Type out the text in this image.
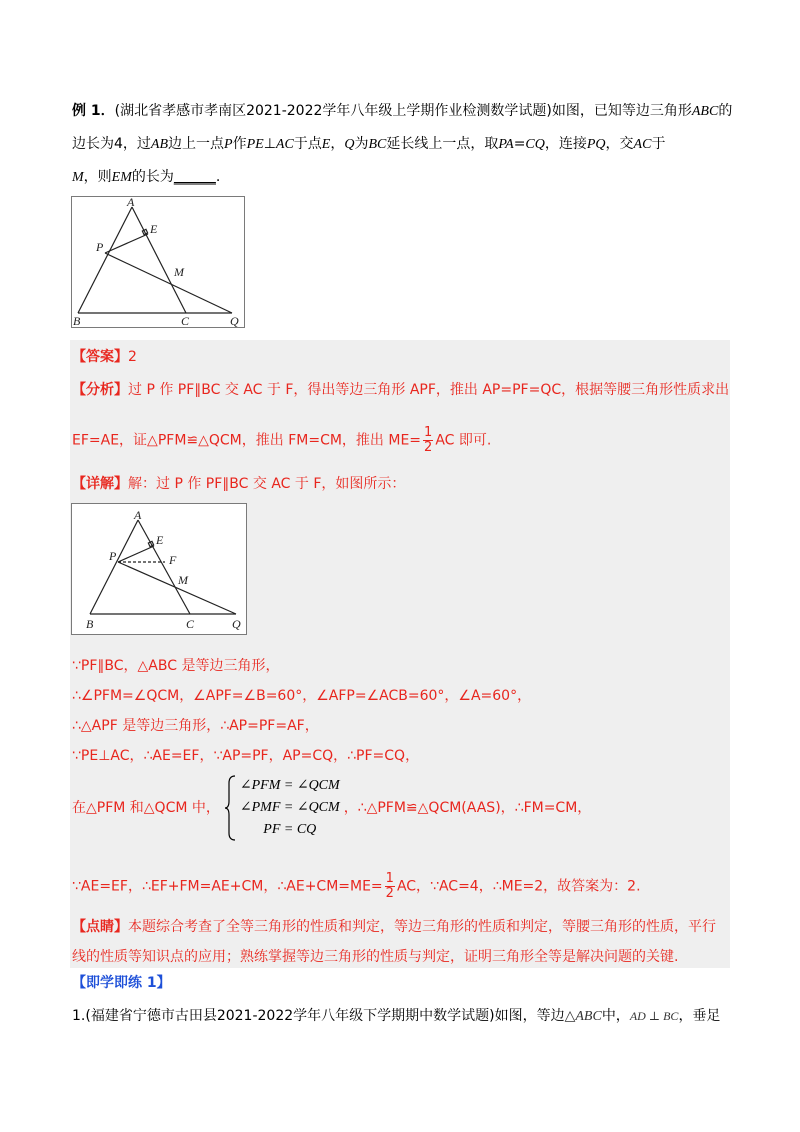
例 1．(湖北省孝感市孝南区2021-2022学年八年级上学期作业检测数学试题)如图，已知等边三角形ABC的
边长为4，过AB边上一点P作PE⊥AC于点E，Q为BC延长线上一点，取PA=CQ，连接PQ，交AC于
M，则EM的长为______.
A
E
P
M
B	C	Q
【答案】2
【分析】过 P 作 PF∥BC 交 AC 于 F，得出等边三角形 APF，推出 AP=PF=QC，根据等腰三角形性质求出
EF=AE，证△PFM≌△QCM，推出 FM=CM，推出 $ME= \frac{1}{2}$ AC 即可.
【详解】解：过 P 作 PF∥BC 交 AC 于 F，如图所示：
A
E
P	F
M
B	C	Q
∵PF∥BC，△ABC 是等边三角形，
∴∠PFM=∠QCM，∠APF=∠B=60°，∠AFP=∠ACB=60°，∠A=60°，
∴△APF 是等边三角形，∴AP=PF=AF，
∵PE⊥AC，∴AE=EF，∵AP=PF，AP=CQ，∴PF=CQ，
在△PFM 和△QCM 中，
∠PFM = ∠QCM
∠PMF = ∠QCM
PF = CQ
，∴△PFM≌△QCM(AAS)，∴FM=CM，
∵AE=EF，∴EF+FM=AE+CM，∴AE+CM=ME= $\frac{1}{2}$ AC，∵AC=4，∴ME=2，故答案为：2.
【点睛】本题综合考查了全等三角形的性质和判定，等边三角形的性质和判定，等腰三角形的性质，平行
线的性质等知识点的应用；熟练掌握等边三角形的性质与判定，证明三角形全等是解决问题的关键.
【即学即练 1】
1.(福建省宁德市古田县2021-2022学年八年级下学期期中数学试题)如图，等边△ABC中，AD ⊥ BC，垂足
